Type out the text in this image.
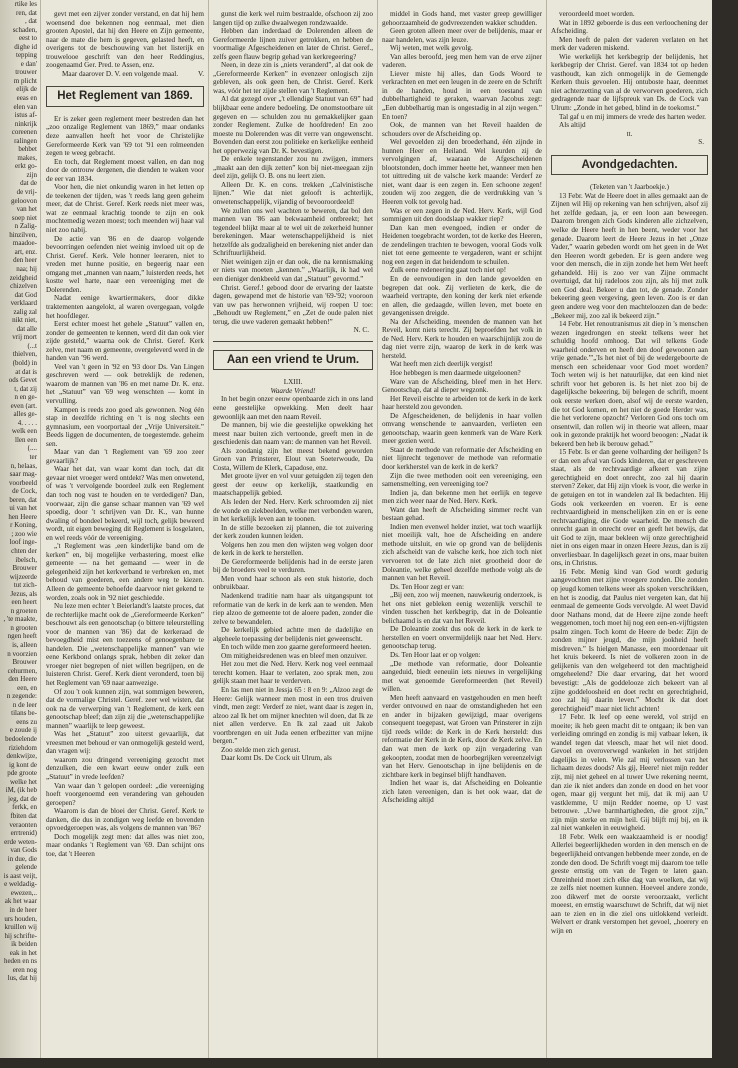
rtike les

ren, dat

, dat

schaden,

eest to

dighe id

tepping

e dan'

trouwer

m plicht

elijk de

eeas en

elen van

istus af-

ninkrijk

coreenen

ralingen

behbet

makes,

erkt go-

zijn

dat de

de vrij-

geloovon

van het

soep niet

n Zalig-

hinzilven,

maadoe-

art, enz.

den heer

naa; hij

zeidgheid

chizelven

dat God

verklaard

zalig zal

nikt niet,

dat alle

vrij mort

(...t

thielven,

(bold) in

at dat is

ods Gevet

t, dat zij

n en ge-

even (art.

alles ge-

4. . . . .

welk een

llen een

(....

ter

n, helaas,

saar mag-

voorbeeld

de Cock,

beren, dat

ui van het

hen Heere

r Koning,

; zoo wie

loof inge-

chten der

ibelsch,

Brouwer

wijzeerde

tut zich-

Jezus, als

een heert

n groeten

, 'te maakte,

n grooten

ngen heeft

is, alleen

n voorzien

Brouwer

cehurmen,

den Heere

een, en

n zegende:

n de leer

tilans be-

eens zu

e zoude ij

bedoelende

riziehdom

denkwijze,

ig kont de

pde groote

welke het

iM, (ik heb

jeg, dat de

ferkk, en

fbiten dat

veraonten

errtrenid)

erde weten-

van Gods

in due, die

gelende

is aast veijt,

e weldadig-

ewezen,..

ak het waar

in de heer

urs houden,

kruillen wij

hij schrifte-

ik beiden

eak in het

heden en ns

eren nog

lus, dat hij

gevt met een zijver zonder verstand, en dat hij hem woensend doe bekennen nog eenmaal, met dien grooten Apostel, dat hij den Heere en Zijn gemeente, naar de mate die hem is gegeven, gelasted heeft, en overigens tot de beschouwing van het listerijk en trouwelooe geschrift van den heer Reddingius, zoogenaamd Ger. Pred. te Assen, enz.
Maar daarover D. V. een volgende maal.	V.
Het Reglement van 1869.

Er is zeker geen reglement meer bestreden dan het „zoo onzalige Reglement van 1869,” maar ondanks deze aanvallen heeft het voor de Christelijke Gereformeerde Kerk van '69 tot '91 een rolmeenden zegen te weeg gebracht.

En toch, dat Reglement moest vallen, en dan nog door de ontrouw dergenen, die dienden te waken voor de eer van 1834.

Voor hen, die niet onkundig waren in het letten op de teekenen der tijden, was 't reeds lang geen geheim meer, dat de Christ. Geref. Kerk reeds niet meer was, wat ze eenmaal krachtig toonde te zijn en ook mochtemedig wezen moest; toch meenden wij haar val niet zoo nabij.

De actie van '86 en de daarop volgende bevoorringen oefenden niet weinig invloed uit op de Christ. Geref. Kerk. Vele honner leeraren, niet to vreden met hunne positie, en begeerig naar een omgang met „mannen van naam,” luisterden reeds, het kostte wel harte, naar een vereeniging met de Dolerenden.

Nadat eenige kwartiermakers, door dikke traktementen aangelokt, al waren overgegaan, volgde het hoofdleger.

Eerst echter moest het gehele „Statuut” vallen en, zonder de gemeenten te kennen, werd dit dan ook vier zijde gesteld,” waarna ook de Christ. Geref. Kerk zelve, met naam en gemeente, overgeleverd werd in de handen van ’96 werd.

Veel van 't geen in '92 en '93 door Ds. Van Lingen geschreven werd — ook betreklijk de redenen, waarom de mannen van '86 en met name Dr. K. enz. het „Statuut” van '69 weg wenschten — komt in vervulling.

Kampen is reeds zoo goed als gewonnen. Nog één stap in deezlfde richting en 't is nog slechts een gymnasium, een voorportaal der „Vrije Universiteit.” Beeds liggen de documenten, de toegestemde. geheim sen.

Maar van dan 't Reglement van '69 zoo zeer gevaarlijk?

Waar het dat, van waar komt dan toch, dat dit gevaar niet vroeger werd ontdekt? Was men onwetend, of was 't vervolgende boordeel zulk een Reglement dan toch nog vast te houden en te verdedigen? Dan, voorwaar, zijn die ganse schaar mannen van '69 wel spoedig, door 't schrijven van Dr. K., van hunne dwaling of bondeel bekeerd, wijl toch, gelijk beweerd wordt, uit eigen beweging dit Reglement is losgelaten, en wel reeds vóór de vereeniging.

„'t Reglement was ‚een kinderlijke band om de kerken” en, bij mogelijke verbastering, moest elke gemeente — na het gemaand — weer in de gelegenheid zijn het kerkverband te verbreken en, met behoud van goederen, een andere weg te kiezen. Alleen de gemeente behoefde daarvoor niet gekend te worden, zoals ook in '92 niet geschiedde.

Nu leze men echter 't Beierlandt's laatste proces, dat de rechterlijke macht ook de „Gereformeerde Kerken” beschouwt als een genootschap (o bittere teleurstelling voor de mannen van '86) dat de kerkeraad de bevoegdheid mist een toezeens of genoegenbare te handelen. Die „wetenschappelijke mannen” van wie eene Kerkbond onlangs sprak, hebben dit zeker dan vroeger niet begrepen of niet willen begrijpen, en de luisteren Christ. Geref. Kerk dient veronderd, toen bij het Reglement van '69 naar aanwezige.

Of zou 't ook kunnen zijn, wat sommigen beweren, dat de vormalige Christel. Geref. zeer wel wisten, dat ook na de verwerping van 't Reglement, de kerk een genootschap bleef; dan zijn zij die „wetenschappelijke mannen” waarlijk te leep geweest.

Was het „Statuut” zoo uiterst gevaarlijk, dat vreesmen met behoud er van onmogelijk gesteld werd, dan vragen wij:

waarom zou dringend vereeniging gezocht met denzulken, die een kwart eeuw onder zulk een „Statuut” in vrede leefden?

Van waar dan 't gelopen oordeel: „die vereeniging hoeft voorgenoemd een verandering van gehouden geroepen?

Waarom is dan de bloei der Christ. Geref. Kerk te danken, die dus in zondigen weg leefde en bovenden opvoedgeroepen was, als volgens de mannen van '86?

Doch mogelijk zegt men: dat alles was niet zoo, maar ondanks 't Reglement van '69. Dan schijnt ons toe, dat 't Heeren

gunst die kerk wel ruim bestraalde, ofschoon zij zoo langen tijd op zulke dwaalwegen rondzwaalde.

Hebben dan inderdaad de Dolerenden alleen de Gereformeerde lijnen zuiver getrokken, en hebben de voormalige Afgescheidenen en later de Christ. Geref., zelfs geen flauw begrip gehad van kerkregeering?

Neen, in deze zin is „niets veranderd”, al dat ook de „Gereformeerde Kerken” in evenzeer onlogisch zijn gebleven, als ook geen hen, de Christ. Geref. Kerk was, vóór het ter zijde stellen van 't Reglement.

Al dat gezegd over „'t ellendige Statuut van 69” had blijkbaar eene andere bedoeling. De onomstootbare uit gegeven en — schulden zou nu gemakkelijker gaan zonder Reglement. Zulke de hoofdreden! En zoo moeste nu Dolerenden was dit verre van ongewenscht. Bovenden dan eerst zou politieke en kerkelijke eenheid het opperwezig van Dr. K. bevestigen.

De enkele tegenstander zou nu zwijgen, immers „maakt aan den dijk zetten” kon bij niet-meegaan zijn deel zijn, gelijk O. B. ons nu leert zien.

Alleen Dr. K. en cons. trekken „Calvinistische lijnen.” Wie dat niet gelooft is achterlijk, onwetenschappelijk, vijandig of bevooroordeeld!

We zullen ons wel wachten te beweren, dat bol den mannen van '86 aan bekwaamheid ontbreekt; het tegendeel blijkt maar al te wel uit de zekerheid hunner berekeningen. Maar wetenschappelijkheid is niet hetzelfde als godzaligheid en berekening niet ander dan Schriftuurlijkheid.

Niet weinigen zijn er dan ook, die na kennismaking er niets van moeten „kennen.” „Waarlijk, ik had wel een dieniger denkbeeld van dat „Statuut” gevormd.”

Christ. Geref.! gebood door de ervaring der laatste dagen, gewapend met de historie van '69-'92; vooroon van uw pas herwonnen vrijheid, wij roepen U toe: „Behoudt uw Reglement,” en „Zet de oude palen niet terug, die uwe vaderen gemaakt hebben!”

N. C.
Aan een vriend te Urum.
LXIII.
Waarde Vriend!

In het begin onzer eeuw openbaarde zich in ons land eene geestelijke opwekking. Men deelt haar gewoonlijk aan met den naam Reveil.

De mannen, bij wie die geestelijke opwekking het meest naar buiten zich vertoonde, greeft men in de geschiedenis dan naam van: de mannen van het Reveil.

Als zoodanig zijn het meest bekend geworden Groen van Prinsterer, Elout van Soeterwoude, Da Costa, Willem de Klerk, Capadose, enz.

Met groote ijver en vol vuur getuigden zij tegen den geest der eeuw op kerkelijk, staatkundig en maatschappelijk gebied.

Als leden der Ned. Herv. Kerk schroomden zij niet de wonde en ziekbeelden, welke met verbonden waren, in het kerkelijk leven aan te toonen.

In de stille bezoeken zij plannen, die tot zuivering der kerk zouden kunnen leiden.

Volgens hen zou men den wijsten weg volgen door de kerk in de kerk te herstellen.

De Gereformeerde belijdenis had in de eerste jaren bij de broeders veel te verduren.

Men vond haar schoon als een stuk historie, doch onbruikbaar.

Nadenkend traditie nam haar als uitgangspunt tot reformatie van de kerk in de kerk aan te wenden. Men riep alzoo de gemeente tot de aloere paden, zonder die zelve te bewandelen.

De kerkelijk gebied achtte men de dadelijke en algeheele toepassing der belijdenis niet geweenscht.

En toch wilde men zoo gaarne gereformeerd heeten.

Om mitigheidsredenen was en bleef men onzuiver.

Het zou met die Ned. Herv. Kerk nog veel eenmaal terecht komen. Haar te verlaten, zoo sprak men, zou gelijk staan met haar te verderven.

En las men niet in Jessja 65 : 8 en 9: „Alzoo zegt de Heere: Gelijk wanneer men most in een tros druiven vindt, men zegt: Verderf ze niet, want daar is zegen in, alzoo zal Ik het om mijner knechten wil doen, dat Ik ze niet allen verderve. En Ik zal zaad uit Jakob voortbrengen en uit Juda eenen erfbezitter van mijne bergen.”

Zoo stelde men zich gerust.

Daar komt Ds. De Cock uit Ulrum, als

middel in Gods hand, met vaster greep gewilliger gehoorzaamheid de godvreezenden wakker schudden.

Geen groten alleen meer over de belijdenis, maar er naar handelen, was zijn leuze.

Wij weten, met welk gevolg.

Van alles beroofd, jeeg men hem van de erve zijner vaderen.

Liever miste hij alles, dan Gods Woord te verkrachten en met een leugen in de zeere en de Schrift in de handen, houd in een toestand van dubbelhartigheid te geraken, waarvan Jacobus zegt: „Een dubbelhartig man is ongestadig in al zijn wegen.” En toen?

Ook, de mannen van het Reveil haalden de schouders over de Afscheiding op.

Wel gevoelden zij den broederhand, één zijnde in hunnen Heer en Heiland. Wel keurden zij de vervolgingen af, waaraan de Afgescheidenen blootstonden, doch immer heette het, wanneer men hen tot uittreding uit de valsche kerk maande: Verderf ze niet, want daar is een zegen in. Een schoone zegen! zouden wij zoo zeggen, die de verdrukking van 's Heeren volk tot gevolg had.

Was er een zegen in de Ned. Herv. Kerk, wijl God sommigen uit den doodslaap wakker riep?

Dan kan men evengoed, indien er onder de Heidenen toegebracht worden, tot de kerke des Heeren, de zendelingen trachten te bewogen, vooral Gods volk niet tot eene gemeente te vergaderen, want er schijnt nog een zegen in dat heidendom te schuilen.

Zulk eene redeneering gaat toch niet op!

En de eenvoudigen in den lande gevoelden en begrepen dat ook. Zij verlieten de kerk, die de waarheid vertrapte, den koning der kerk niet erkende en allen, die gedaagde, willen leven, met boete en gevangenissen dreigde.

Na der Afscheiding, meenden de mannen van het Reveil, komt niets terecht. Zij beproefden het volk in de Ned. Herv. Kerk te houden en waarschijnlijk zou de dag niet verre zijn, waarop de kerk in de kerk was hersteld.

Wat heeft men zich deerlijk vergist!

Hoe hebbegen is men daarmede uitgeloonen?

Ware van de Afscheiding, bleef men in het Herv. Genootschap, dat al dieper wegzonk.

Het Reveil eischte te arbeiden tot de kerk in de kerk haar hersteld zou gevonden.

De Afgescheidenen, de belijdenis in haar vollen omvang wenschende te aanvaarden, verlieten een genootschap, waarin geen kenmerk van de Ware Kerk meer gezien werd.

Staat de methode van reformatie der Afscheiding en niet lijnrecht tegenover de methode van reformatie door kerkherstel van de kerk in de kerk?

Zijn die twee methoden ooit een vereeniging, een samensmelting, een vereeniging toe?

Indien ja, dan bekenne men het eerlijk en tegeve men zich weer naar de Ned. Herv. Kerk.

Want dan heeft de Afscheiding simmer recht van bestaan gehad.

Indien men evenwel helder inziet, wat toch waarlijk niet moeilijk valt, hoe de Afscheiding en andere methode uitsluit, en wie op grond van de belijdenis zich afscheidt van de valsche kerk, hoe zich toch niet vervoeren tot de late zich niet grootheid door de Doleantie, welke geheel dezelfde methode volgt als de mannen van het Reveil.

Ds. Ten Hoor zegt er van:

„Bij een, zoo wij meenen, nauwkeurig onderzoek, is het ons niet gebleken eenig wezenlijk verschil te vinden tusschen het kerkbegrip, dat in de Doleantie belichaamd is en dat van het Reveil.

De Doleantie zoekt dus ook de kerk in de kerk te herstellen en voert onvermijdelijk naar het Ned. Herv. genootschap terug.

Ds. Ten Hoor laat er op volgen:

„De methode van reformatie, door Doleantie aangeduid, biedt eeneuiin iets nieuws in vergelijking met wat genoemde Gereformeerden (het Reveil) willen.

Men heeft aanvaard en vastgehouden en men heeft verder ontvouwd en naar de omstandigheden het een en ander in bijzaken gewijzigd, maar overigens consequent toegepast, wat Groen van Prinsterer in zijn tijd reeds wilde: de Kerk in de Kerk hersteld: dus reformatie der Kerk in de Kerk, door de Kerk zelve. En dan wat men de kerk op zijn vergadering van gekoopten, zoodat men de hoorbegrijken vereenzelvigt van het Herv. Genootschap in ijne belijdenis en de zichtbare kerk in beginsel blijft handhaven.

Indien het waar is, dat Afscheiding en Doleantie zich laten vereenigen, dan is het ook waar, dat de Afscheiding altijd

veroordeeld moet worden.

Wat in 1892 geboerde is dus een verloochening der Afscheiding.

Men heeft de palen der vaderen verlaten en het merk der vaderen miskend.

Wie werkelijk het kerkbegrip der belijdenis, het kerkbegrip der Christ. Geref. van 1834 tot op heden vasthoudt, kan zich onmogelijk in de Gemengde Kerken thuis gevoelen. Hij ontuboste haar, deenmet niet achterzetting van al de verworven goederen, zich gedragende naar de lijfspreuk van Ds. de Cock van Ulrum: „Zonde in het gebed, blind in de toekomst.”

Tal gaf u en mij immers de vrede des harten weder.

Als altijd

tt.
S.
Avondgedachten.
(Teketen van 't Jaarboekje.)

13 Febr. Wat de Heere doet in alles gemaakt aan de Zijnen wil Hij op rekening van hen schrijven, alsof zij het zelfde gedaan, ja, er een loon aan beweegen. Daarom brengen zich Gods kinderen alle zichzelven, welke de Heere heeft in hen beent, weder voor het genade. Daarom leert de Heere Jezus in het „Onze Vader,” waarin gebeden wordt om het geen in de Wet den Heeren wordt gebeden. Er is geen andere weg voor den mensch, die in zijn zonde het hem Wet heeft gehandeld. Hij is zoo ver van Zijne ommacht overtuigd, dat hij radeloos zou zijn, als hij met zulk een God deal. Bekeer u dan tot, de genade. Zonder bekeering geen vergeving, geen leven. Zoo is er dan geen andere weg voor den machteloozen dan de bede: „Bekeer mij, zoo zal ik bekeerd zijn.”

14 Febr. Het renoutranismus zit diep in 's menschen wezen ingedrongen en steekt telkens weer het schuldig hoofd omhoog. Dat wil telkens Gode waarheid onderven en heeft den doof gewoonen aan vrije genade.”'„'Is het niet of bij de wedergeboorte de mensch een scheidenaar voor God moet worden? Toch weten wij is het natuurlijke, dat een kind niet schrift voor het geboren is. Is het niet zoo bij de dagelijksche bekeering, bij belegen de schrift, moent ook eerste werken doen, alsof wij de eerste warden, die tot God komen, en het niet de goede Herder was, die het verlorene opzocht? Verloren God ons toch om onsentwil, dan rollen wij in theorie wat alleen, maar ook in gezonde praktijk het woord beoogen: „Nadat ik bekeerd ben heb ik berouw gehad.”

15 Febr. Is er dan geene volharding der heiligen? Is er dan een afval van Gods kinderen, dat er geschreven staat, als de rechtvaardige afkeert van zijne gerechtigheid en doet onrecht, zoo zal hij daarin sterven? Zeker, dat Hij zijn vloek is voor, die werke in de getuigen en tot in wandelen zal Ik bedachten. Hij Gods ook verkeerden en voeren. Er is eene rechtvaardigheid in menschelijken zin en er is eene rechtvaardiging, die Gode waarheid. De mensch die onrecht gaan in onrecht over en geeft het bewijs, dat uit God te zijn, maar bekleen wij onze gerechtigheid niet in ons eigen maar in onzen Heere Jezus, dan is zij onverliesbaar. In dagelijksch gezet in ons, maar buiten ons, in Christus.

16 Febr. Menig kind van God wordt gedurig aangevochten met zijne vroegere zonden. Die zonden op jeugd komen telkens weer als spoken verschrikken, en het is zoodig, dat Paulus niet vergeten kan, dat hij eenmaal de gemeente Gods vervolgde. Al weet David door Nathans mond, dat de Heere zijne zonde heeft weggenomen, toch moet hij nog een een-en-vijftigsten psalm zingen. Toch komt de Heere de bede: Zijn de zonden mijner jeugd, die mijn jookheid heeft misdreven.” Is hielgen Manasse, een moordenaar uit het kruis bekeerd. Is niet de volkeren zoon in de gelijkenis van den welgeheerd tot den machtigheid omgeheelend? Die daar ervaring, dat het woord bevestigt: „Als de goddelooze zich bekeert van al zijne goddeloosheid en doet recht en gerechtigheid, zoo zal hij daarin leven.” Mocht ik dat doet gerechtigheid” maar niet licht achten!

17 Febr. Ik leef op eene wereld, vol strijd en moeite; ik heb geen macht dit te ontgaan; ik ben van verleiding omringd en zondig is mij vatbaar leken, ik wandel tegen dat vleesch, maar het wil niet dood. Gevoel en overoverwegd wankelen in het strijden dagelijks in velen. Wie zal mij verlossen van het lichaam dezes doods? Als gij, Heere! niet mijn redder zijt, mij niet geheel en al tuwer Uwe rekening neemt, dan zie ik niet anders dan zonde en dood en het voor ogen, maar gij vergunt het mij, dat ik mij aan U vastklemme, U mijn Redder noeme, op U vast betrouwe. „Uwe barmhartigheden, die groot zijn,” zijn mijn sterke en mijn heil. Gij blijft mij bij, en ik zal niet wankelen in eeuwigheid.

18 Febr. Welk een waakzaamheid is er noodig! Allerlei begeerlijkheden worden in den mensch en de begeerlijkheid ontvangen hebbende meer zonde, en de zonde den dood. De Schrift voegt mij daarom toe telle geeste ernstig om van de Tegen te laten gaan. Onreinheid moet zich elke dag van woelken, dat wij ze zelfs niet noemen kunnen. Hoeveel andere zonde, zoo dikwerf met de oorste veroorzaakt, verlicht moeest, en ernstig waarschuwt de Schrift, dat wij niet aan te zien en in die ziel ons uitlokkend verleidt. Welvert er drank verstompen het gevoel, „hoerery en wijn en
